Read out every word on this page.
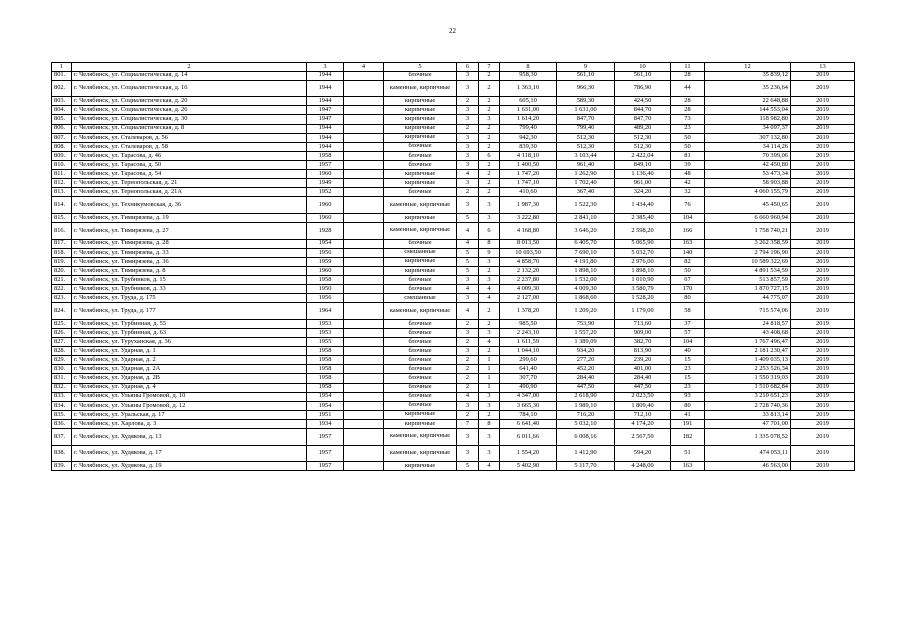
22
1	2	3	4	5	6	7	8	9	10	11	12	13
801.	г. Челябинск, ул. Социалистическая, д. 14	1944		блочные	3	2	958,30	561,10	561,10	28	35 839,12	2019
802.	г. Челябинск, ул. Социалистическая, д. 16	1944		каменные, кирпичные	3	2	1 363,10	966,30	786,90	44	35 236,64	2019
803.	г. Челябинск, ул. Социалистическая, д. 20	1944		кирпичные	2	2	605,10	589,30	424,50	28	22 648,88	2019
804.	г. Челябинск, ул. Социалистическая, д. 26	1947		кирпичные	3	2	1 631,00	1 631,00	844,70	28	144 553,04	2019
805.	г. Челябинск, ул. Социалистическая, д. 30	1947		кирпичные	3	3	1 614,20	847,70	847,70	73	118 982,80	2019
806.	г. Челябинск, ул. Социалистическая, д. 8	1944		кирпичные	2	2	799,40	799,40	489,20	23	34 097,37	2019
807.	г. Челябинск, ул. Сталеваров, д. 56	1944		кирпичные	3	2	942,30	512,30	512,30	50	307 132,80	2019
808.	г. Челябинск, ул. Сталеваров, д. 58	1944		блочные	3	2	839,30	512,30	512,30	50	34 114,26	2019
809.	г. Челябинск, ул. Тарасова, д. 46	1958		блочные	3	6	4 118,10	3 103,44	2 422,04	81	70 399,06	2019
810.	г. Челябинск, ул. Тарасова, д. 50	1957		блочные	3	2	1 400,50	961,40	849,10	39	42 450,80	2019
811.	г. Челябинск, ул. Тарасова, д. 54	1960		кирпичные	4	2	1 747,20	1 262,90	1 136,40	48	53 473,34	2019
812.	г. Челябинск, ул. Тернопольская, д. 21	1949		кирпичные	3	2	1 747,10	1 702,40	961,00	42	58 903,88	2019
813.	г. Челябинск, ул. Тернопольская, д. 21А	1952		блочные	2	2	410,60	367,40	324,20	32	4 060 155,79	2019
814.	г. Челябинск, ул. Техникумовская, д. 36	1960		каменные, кирпичные	3	3	1 987,30	1 522,30	1 434,40	76	45 450,65	2019
815.	г. Челябинск, ул. Тимирязева, д. 19	1960		кирпичные	5	3	3 222,80	2 841,10	2 385,40	104	6 660 960,94	2019
816.	г. Челябинск, ул. Тимирязева, д. 27	1928		каменные, кирпичные	4	6	4 168,80	3 646,20	2 598,20	166	1 758 740,21	2019
817.	г. Челябинск, ул. Тимирязева, д. 28	1954		блочные	4	8	8 013,50	6 405,70	5 065,90	163	3 262 358,59	2019
818.	г. Челябинск, ул. Тимирязева, д. 33	1956		смешанные	5	9	10 693,50	7 690,10	5 032,70	140	2 794 196,90	2019
819.	г. Челябинск, ул. Тимирязева, д. 36	1959		кирпичные	5	3	4 858,70	4 191,80	2 976,00	82	10 589 322,69	2019
820.	г. Челябинск, ул. Тимирязева, д. 8	1960		кирпичные	5	2	2 132,20	1 898,10	1 898,10	50	4 891 534,59	2019
821.	г. Челябинск, ул. Трубников, д. 15	1958		блочные	3	3	2 237,80	1 532,00	1 010,90	67	513 857,59	2019
822.	г. Челябинск, ул. Трубников, д. 33	1950		блочные	4	4	4 009,30	4 009,30	3 580,79	170	1 870 727,15	2019
823.	г. Челябинск, ул. Труда, д. 175	1956		смешанные	3	4	2 127,00	1 868,60	1 528,20	80	44 775,07	2019
824.	г. Челябинск, ул. Труда, д. 177	1964		каменные, кирпичные	4	2	1 378,20	1 209,20	1 179,00	58	715 574,06	2019
825.	г. Челябинск, ул. Турбинная, д. 55	1953		блочные	2	2	985,50	753,90	713,60	37	24 818,57	2019
826.	г. Челябинск, ул. Турбинная, д. 63	1953		блочные	3	3	2 243,10	1 557,20	909,00	57	43 408,68	2019
827.	г. Челябинск, ул. Туруханская, д. 36	1955		блочные	2	4	1 611,59	1 389,09	382,70	104	1 767 496,47	2019
828.	г. Челябинск, ул. Ударная, д. 1	1958		блочные	3	2	1 044,10	934,20	813,90	40	2 181 230,47	2019
829.	г. Челябинск, ул. Ударная, д. 2	1958		блочные	2	1	299,60	277,20	239,20	15	1 409 035,13	2019
830.	г. Челябинск, ул. Ударная, д. 2А	1958		блочные	2	1	641,40	452,20	401,00	23	2 253 526,34	2019
831.	г. Челябинск, ул. Ударная, д. 2В	1958		блочные	2	1	307,70	284,40	284,40	15	1 550 319,03	2019
832.	г. Челябинск, ул. Ударная, д. 4	1958		блочные	2	1	490,90	447,50	447,50	23	1 510 682,84	2019
833.	г. Челябинск, ул. Ульяны Громовой, д. 10	1954		блочные	4	3	4 347,00	2 618,90	2 023,50	93	3 210 651,23	2019
834.	г. Челябинск, ул. Ульяны Громовой, д. 12	1954		блочные	3	3	3 665,30	1 989,10	1 809,40	80	2 728 740,36	2019
835.	г. Челябинск, ул. Уральская, д. 17	1951		кирпичные	2	2	784,10	716,20	712,10	41	33 813,14	2019
836.	г. Челябинск, ул. Харлова, д. 3	1934		кирпичные	7	8	6 641,40	5 032,10	4 174,20	191	47 701,00	2019
837.	г. Челябинск, ул. Худякова, д. 13	1957		каменные, кирпичные	3	3	6 011,66	6 008,16	2 567,50	182	1 335 078,52	2019
838.	г. Челябинск, ул. Худякова, д. 17	1957		каменные, кирпичные	3	3	1 554,20	1 412,90	594,20	51	474 053,11	2019
839.	г. Челябинск, ул. Худякова, д. 19	1957		кирпичные	5	4	5 402,90	5 117,70	4 248,00	163	46 563,00	2019
